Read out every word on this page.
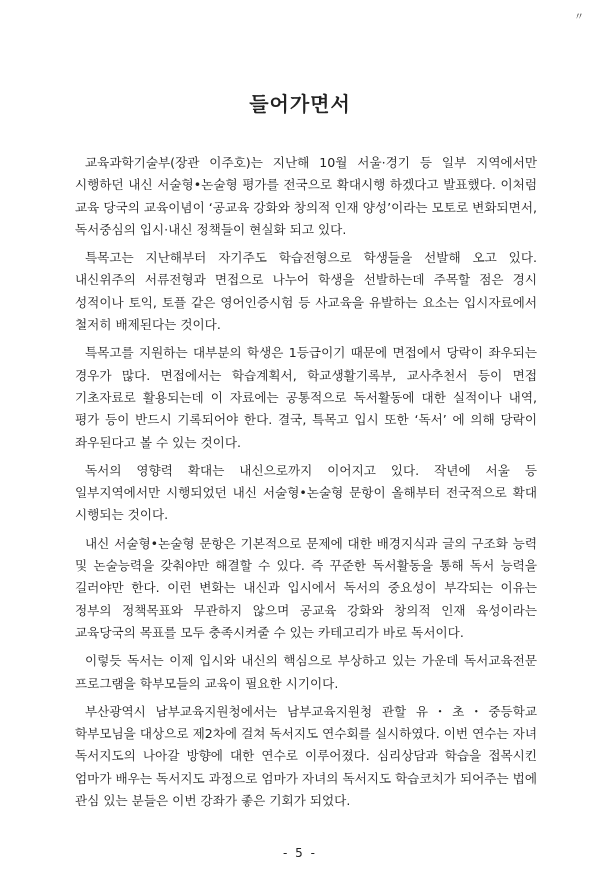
〃
들어가면서

교육과학기술부(장관 이주호)는 지난해 10월 서울·경기 등 일부 지역에서만 시행하던 내신 서술형•논술형 평가를 전국으로 확대시행 하겠다고 발표했다. 이처럼 교육 당국의 교육이념이 ‘공교육 강화와 창의적 인재 양성’이라는 모토로 변화되면서, 독서중심의 입시·내신 정책들이 현실화 되고 있다.

특목고는 지난해부터 자기주도 학습전형으로 학생들을 선발해 오고 있다. 내신위주의 서류전형과 면접으로 나누어 학생을 선발하는데 주목할 점은 경시 성적이나 토익, 토플 같은 영어인증시험 등 사교육을 유발하는 요소는 입시자료에서 철저히 배제된다는 것이다.

특목고를 지원하는 대부분의 학생은 1등급이기 때문에 면접에서 당락이 좌우되는 경우가 많다. 면접에서는 학습계획서, 학교생활기록부, 교사추천서 등이 면접 기초자료로 활용되는데 이 자료에는 공통적으로 독서활동에 대한 실적이나 내역, 평가 등이 반드시 기록되어야 한다. 결국, 특목고 입시 또한 ‘독서’ 에 의해 당락이 좌우된다고 볼 수 있는 것이다.

독서의 영향력 확대는 내신으로까지 이어지고 있다. 작년에 서울 등 일부지역에서만 시행되었던 내신 서술형•논술형 문항이 올해부터 전국적으로 확대 시행되는 것이다.

내신 서술형•논술형 문항은 기본적으로 문제에 대한 배경지식과 글의 구조화 능력 및 논술능력을 갖춰야만 해결할 수 있다. 즉 꾸준한 독서활동을 통해 독서 능력을 길러야만 한다. 이런 변화는 내신과 입시에서 독서의 중요성이 부각되는 이유는 정부의 정책목표와 무관하지 않으며 공교육 강화와 창의적 인재 육성이라는 교육당국의 목표를 모두 충족시켜줄 수 있는 카테고리가 바로 독서이다.

이렇듯 독서는 이제 입시와 내신의 핵심으로 부상하고 있는 가운데 독서교육전문 프로그램을 학부모들의 교육이 필요한 시기이다.

부산광역시 남부교육지원청에서는 남부교육지원청 관할 유・초・중등학교 학부모님을 대상으로 제2차에 걸쳐 독서지도 연수회를 실시하였다. 이번 연수는 자녀 독서지도의 나아갈 방향에 대한 연수로 이루어졌다. 심리상담과 학습을 접목시킨 엄마가 배우는 독서지도 과정으로 엄마가 자녀의 독서지도 학습코치가 되어주는 법에 관심 있는 분들은 이번 강좌가 좋은 기회가 되었다.

- 5 -
